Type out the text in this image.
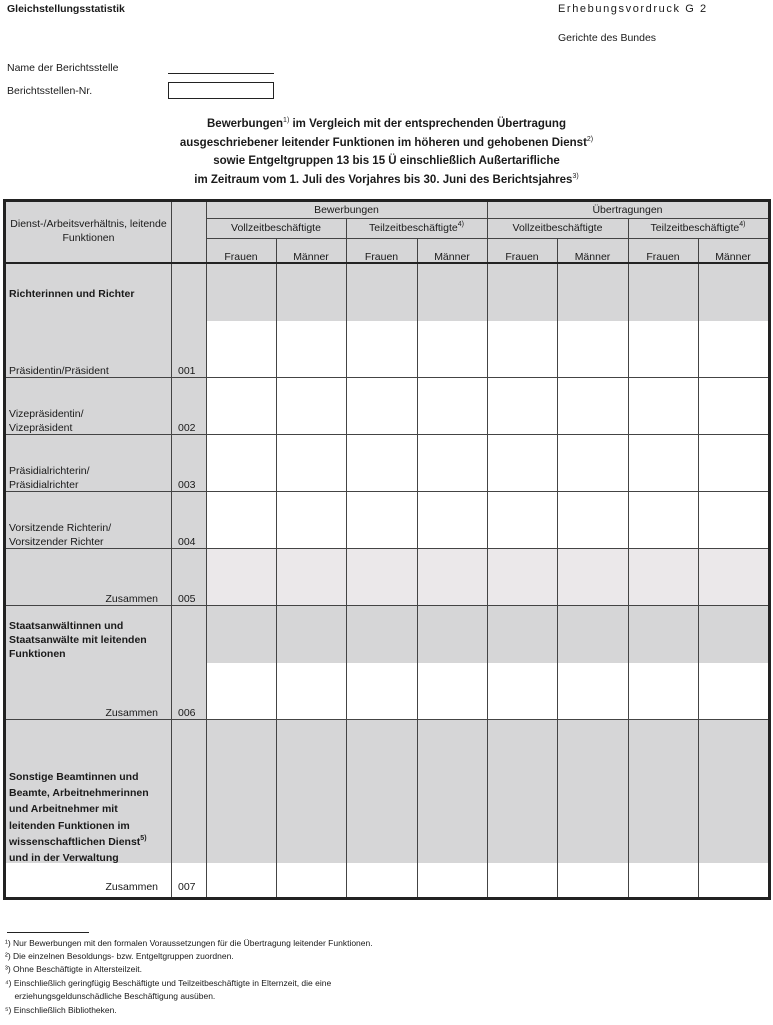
Gleichstellungsstatistik	Erhebungsvordruck G 2
Gerichte des Bundes
Name der Berichtsstelle
Berichtsstellen-Nr.
Bewerbungen$^{1)}$ im Vergleich mit der entsprechenden Übertragung
ausgeschriebener leitender Funktionen im höheren und gehobenen Dienst$^{2)}$
sowie Entgeltgruppen 13 bis 15 Ü einschließlich Außertarifliche
im Zeitraum vom 1. Juli des Vorjahres bis 30. Juni des Berichtsjahres$^{3)}$
Dienst-/Arbeitsverhältnis, leitende Funktionen
Bewerbungen	Übertragungen
Vollzeitbeschäftigte	Teilzeitbeschäftigte$^{4)}$	Vollzeitbeschäftigte	Teilzeitbeschäftigte$^{4)}$
Frauen	Männer	Frauen	Männer	Frauen	Männer	Frauen	Männer
Richterinnen und Richter
Präsidentin/Präsident	001
Vizepräsidentin/
Vizepräsident	002
Präsidialrichterin/
Präsidialrichter	003
Vorsitzende Richterin/
Vorsitzender Richter	004
Zusammen 005
Staatsanwältinnen und
Staatsanwälte mit leitenden
Funktionen
Zusammen 006
Sonstige Beamtinnen und
Beamte, Arbeitnehmerinnen
und Arbeitnehmer mit
leitenden Funktionen im
wissenschaftlichen Dienst$^{5)}$
und in der Verwaltung
Zusammen 007
¹) Nur Bewerbungen mit den formalen Voraussetzungen für die Übertragung leitender Funktionen.
²) Die einzelnen Besoldungs- bzw. Entgeltgruppen zuordnen.
³) Ohne Beschäftigte in Altersteilzeit.
⁴) Einschließlich geringfügig Beschäftigte und Teilzeitbeschäftigte in Elternzeit, die eine
erziehungsgeldunschädliche Beschäftigung ausüben.
⁵) Einschließlich Bibliotheken.
